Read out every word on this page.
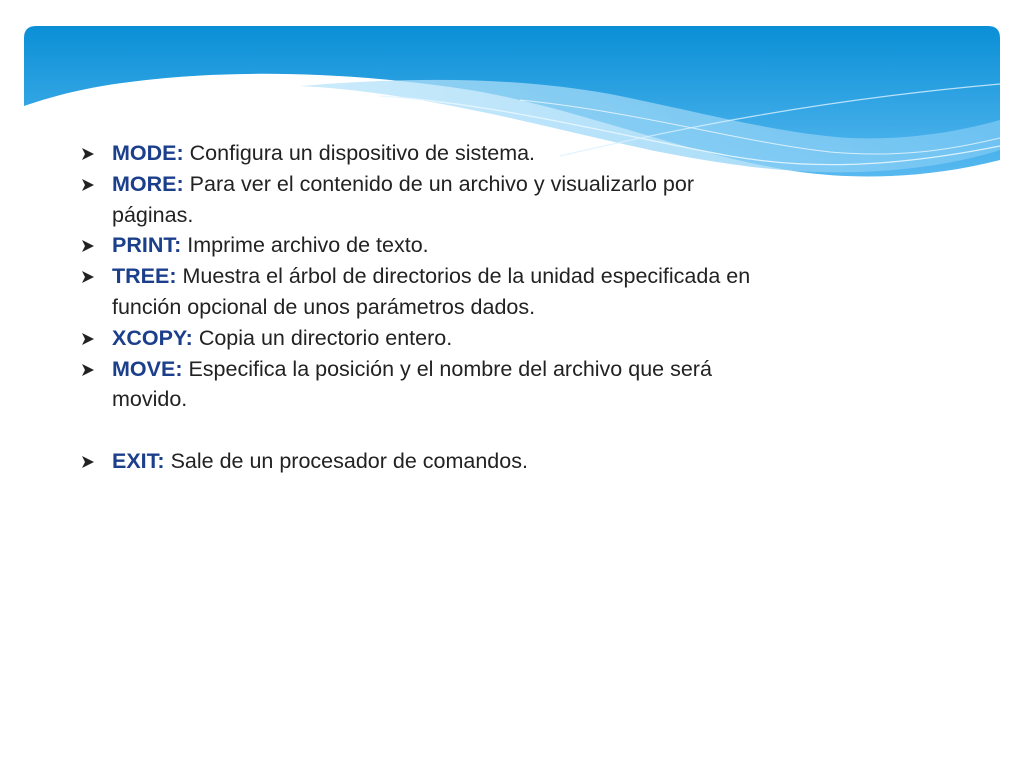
MODE: Configura un dispositivo de sistema.
MORE: Para ver el contenido de un archivo y visualizarlo por páginas.
PRINT: Imprime archivo de texto.
TREE: Muestra el árbol de directorios de la unidad especificada en función opcional de unos parámetros dados.
XCOPY: Copia un directorio entero.
MOVE: Especifica la posición y el nombre del archivo que será movido.
EXIT: Sale de un procesador de comandos.
